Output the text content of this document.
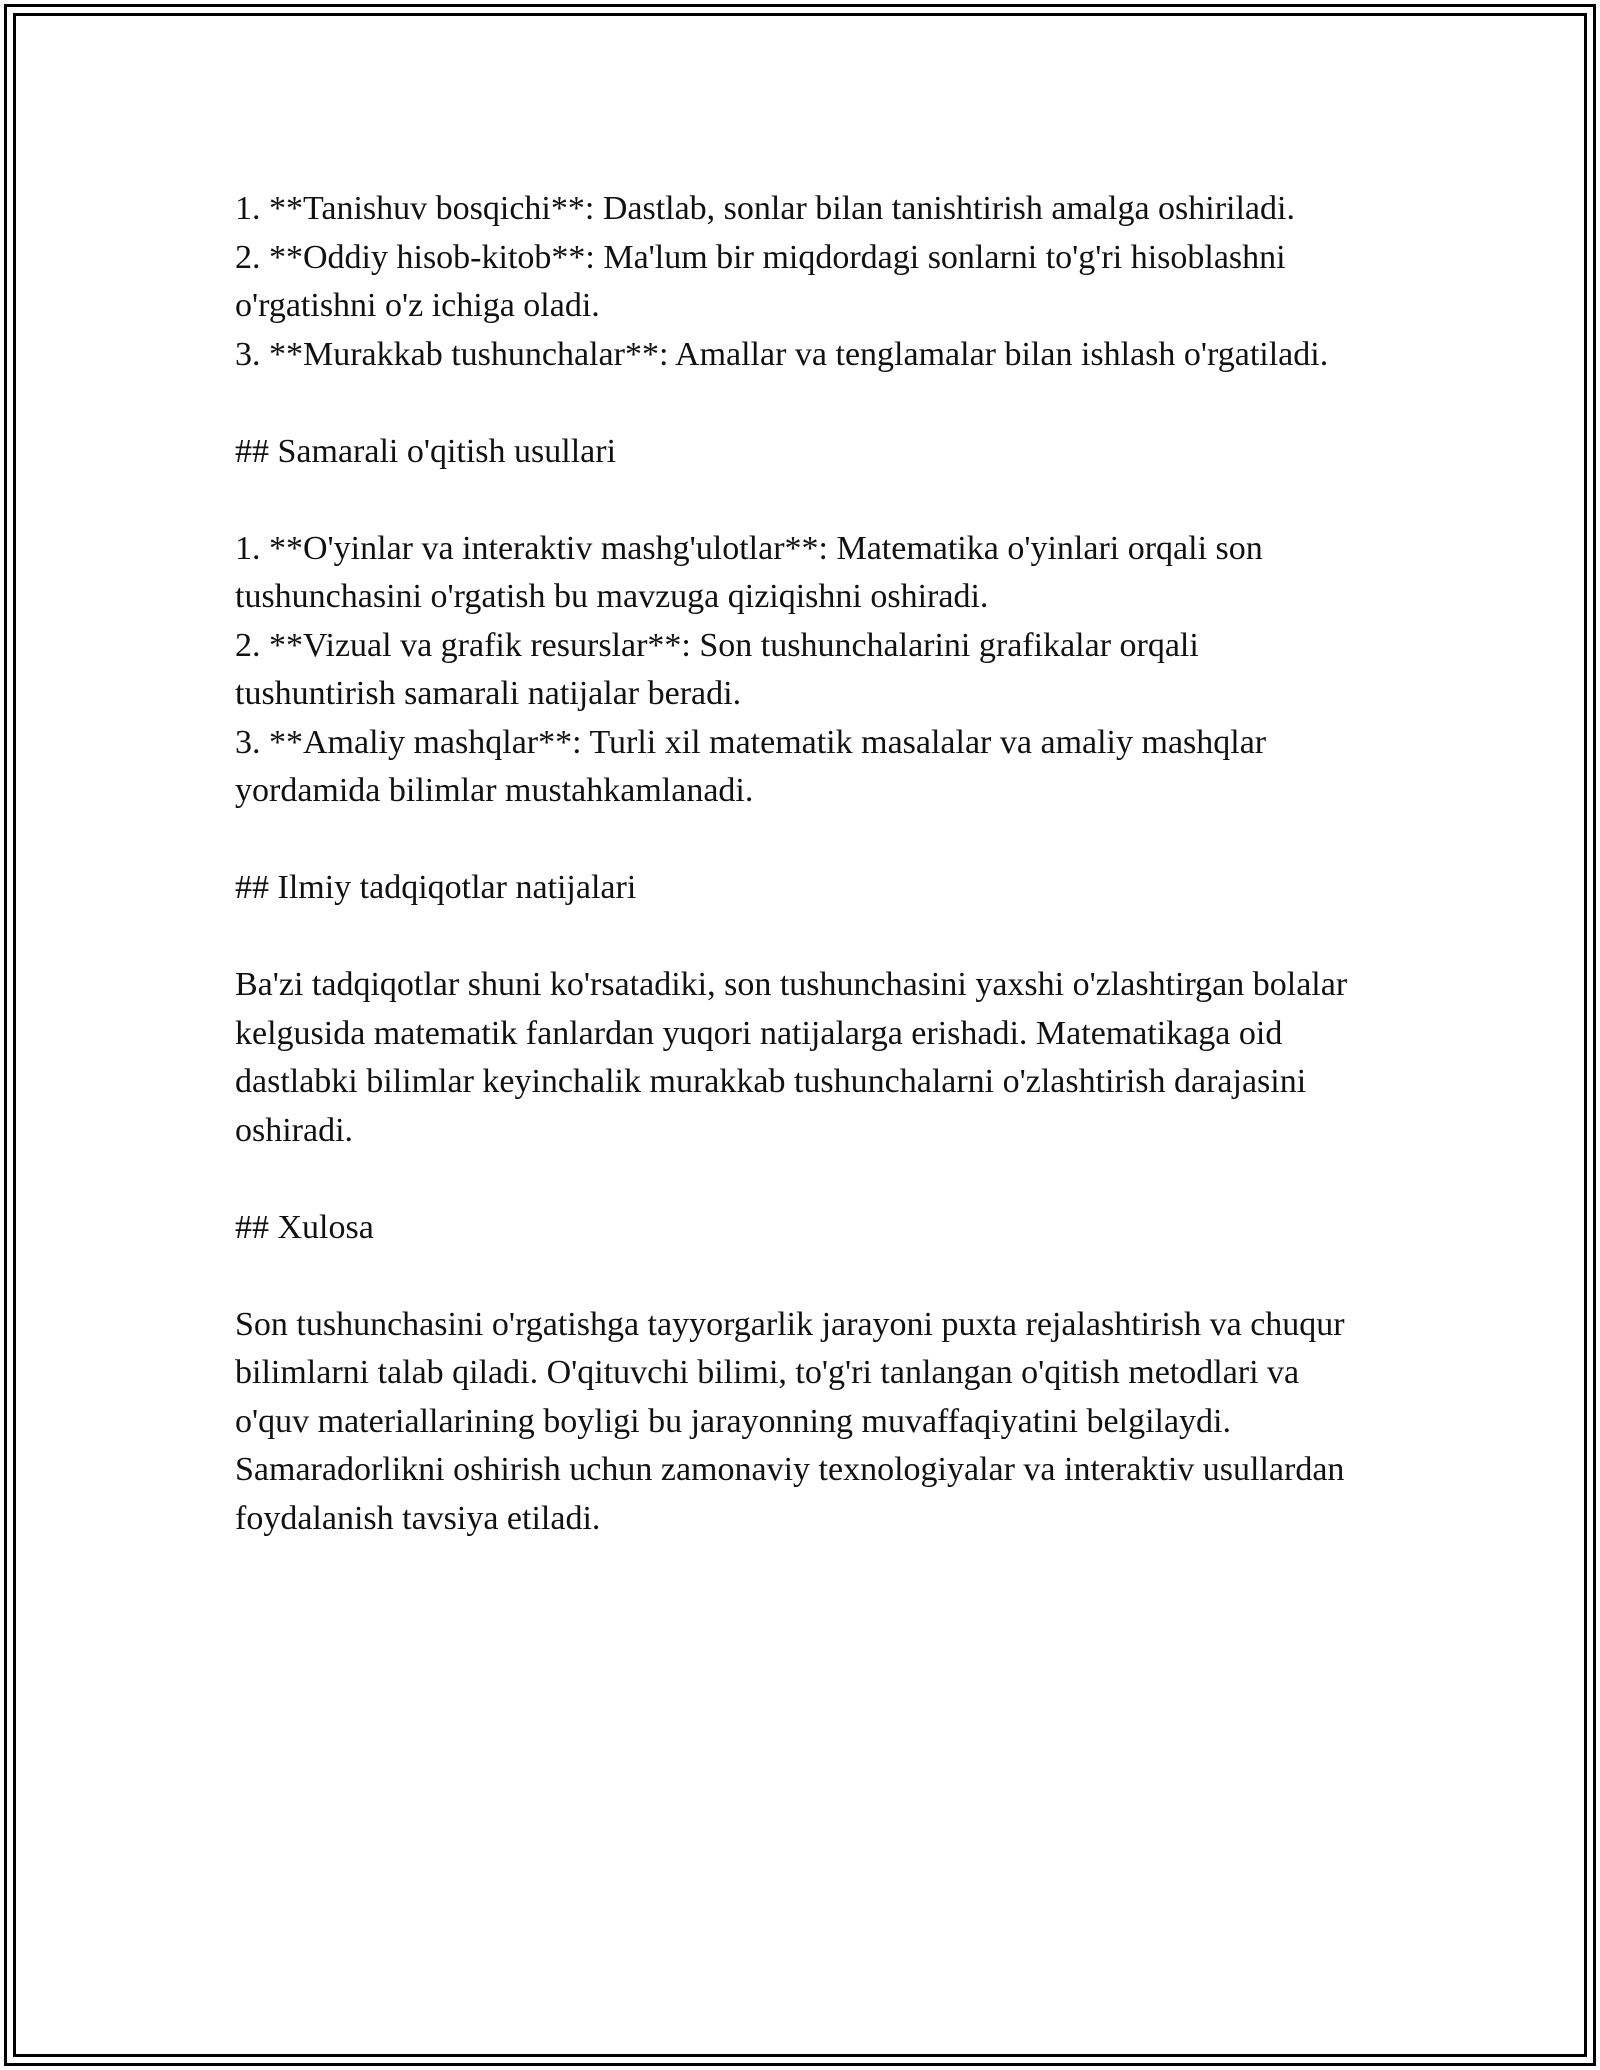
1. **Tanishuv bosqichi**: Dastlab, sonlar bilan tanishtirish amalga oshiriladi.

2. **Oddiy hisob-kitob**: Ma'lum bir miqdordagi sonlarni to'g'ri hisoblashni o'rgatishni o'z ichiga oladi.

3. **Murakkab tushunchalar**: Amallar va tenglamalar bilan ishlash o'rgatiladi.

## Samarali o'qitish usullari

1. **O'yinlar va interaktiv mashg'ulotlar**: Matematika o'yinlari orqali son tushunchasini o'rgatish bu mavzuga qiziqishni oshiradi.

2. **Vizual va grafik resurslar**: Son tushunchalarini grafikalar orqali tushuntirish samarali natijalar beradi.

3. **Amaliy mashqlar**: Turli xil matematik masalalar va amaliy mashqlar yordamida bilimlar mustahkamlanadi.

## Ilmiy tadqiqotlar natijalari

Ba'zi tadqiqotlar shuni ko'rsatadiki, son tushunchasini yaxshi o'zlashtirgan bolalar kelgusida matematik fanlardan yuqori natijalarga erishadi. Matematikaga oid dastlabki bilimlar keyinchalik murakkab tushunchalarni o'zlashtirish darajasini oshiradi.

## Xulosa

Son tushunchasini o'rgatishga tayyorgarlik jarayoni puxta rejalashtirish va chuqur bilimlarni talab qiladi. O'qituvchi bilimi, to'g'ri tanlangan o'qitish metodlari va o'quv materiallarining boyligi bu jarayonning muvaffaqiyatini belgilaydi. Samaradorlikni oshirish uchun zamonaviy texnologiyalar va interaktiv usullardan foydalanish tavsiya etiladi.
